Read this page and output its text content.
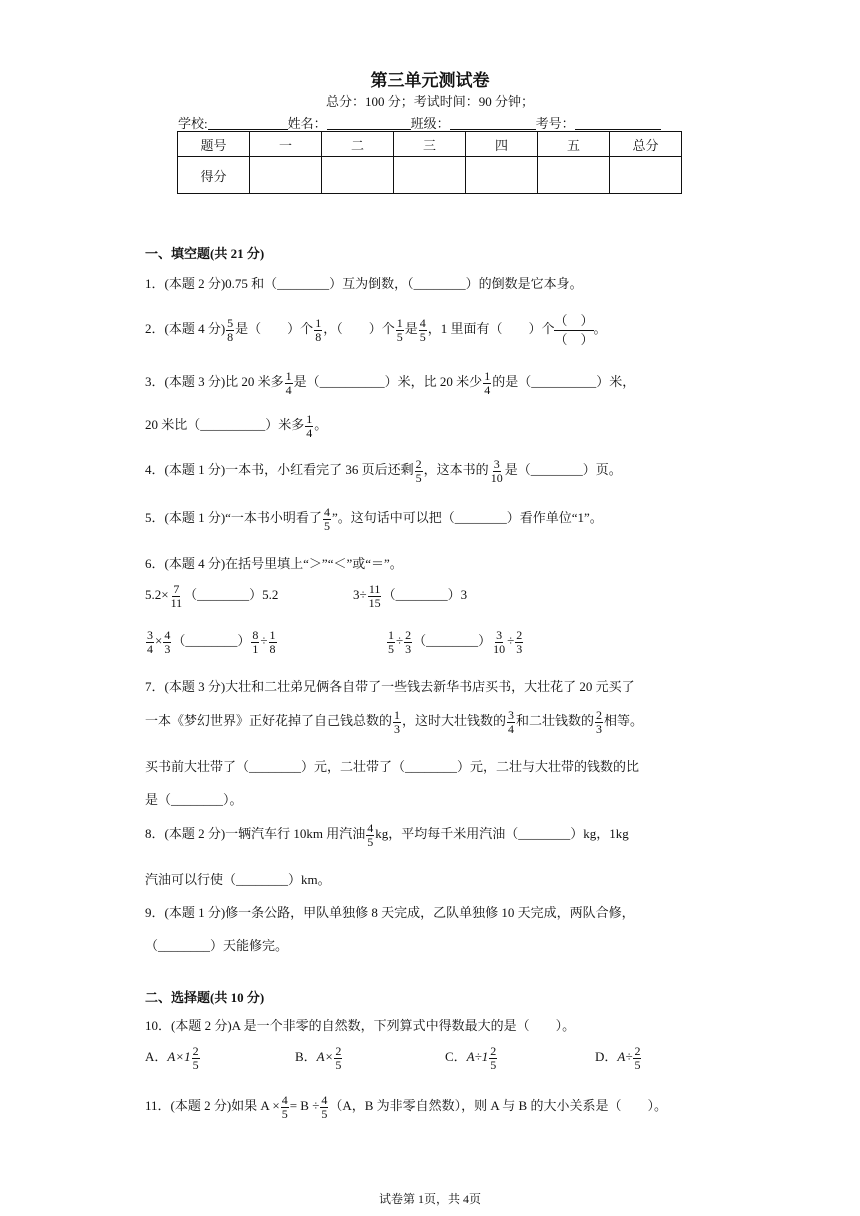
第三单元测试卷
总分：100 分；考试时间：90 分钟；
学校:	姓名：	班级：	考号：
题号	一	二	三	四	五	总分
得分						
一、填空题(共 21 分)
1．(本题 2 分)0.75 和（________）互为倒数，（________）的倒数是它本身。
2．(本题 4 分) $\frac{5}{8}$ 是（　　）个 $\frac{1}{8}$ ，（　　）个 $\frac{1}{5}$ 是 $\frac{4}{5}$ ，1 里面有（　　）个
（　）
（　）
。
3．(本题 3 分)比 20 米多 $\frac{1}{4}$ 是（__________）米，比 20 米少 $\frac{1}{4}$ 的是（__________）米，
20 米比（__________）米多 $\frac{1}{4}$ 。
4．(本题 1 分)一本书，小红看完了 36 页后还剩 $\frac{2}{5}$ ，这本书的 $\frac{3}{10}$ 是（________）页。
5．(本题 1 分)“一本书小明看了 $\frac{4}{5}$ ”。这句话中可以把（________）看作单位“1”。
6．(本题 4 分)在括号里填上“＞”“＜”或“＝”。
$5.2\times \frac{7}{11}$ （________）5.2	$3\div \frac{11}{15}$ （________）3
$\frac{3}{4} \times \frac{4}{3}$ （________） $\frac{8}{1} \div \frac{1}{8}$	$\frac{1}{5} \div \frac{2}{3}$ （________） $\frac{3}{10} \div \frac{2}{3}$
7．(本题 3 分)大壮和二壮弟兄俩各自带了一些钱去新华书店买书，大壮花了 20 元买了
一本《梦幻世界》正好花掉了自己钱总数的 $\frac{1}{3}$ ，这时大壮钱数的 $\frac{3}{4}$ 和二壮钱数的 $\frac{2}{3}$ 相等。
买书前大壮带了（________）元，二壮带了（________）元，二壮与大壮带的钱数的比
是（________）。
8．(本题 2 分)一辆汽车行 10km 用汽油 $\frac{4}{5}$ kg，平均每千米用汽油（________）kg，1kg
汽油可以行使（________）km。
9．(本题 1 分)修一条公路，甲队单独修 8 天完成，乙队单独修 10 天完成，两队合修，
（________）天能修完。
二、选择题(共 10 分)
10．(本题 2 分)A 是一个非零的自然数，下列算式中得数最大的是（　　）。
A．$A\times 1 \frac{2}{5}$	B．$A\times \frac{2}{5}$	C．$A\div 1 \frac{2}{5}$	D．$A\div \frac{2}{5}$
11．(本题 2 分)如果 $A \times \frac{4}{5} = B \div \frac{4}{5} (A$，B 为非零自然数），则 A 与 B 的大小关系是（　　）。
试卷第 1页，共 4页
